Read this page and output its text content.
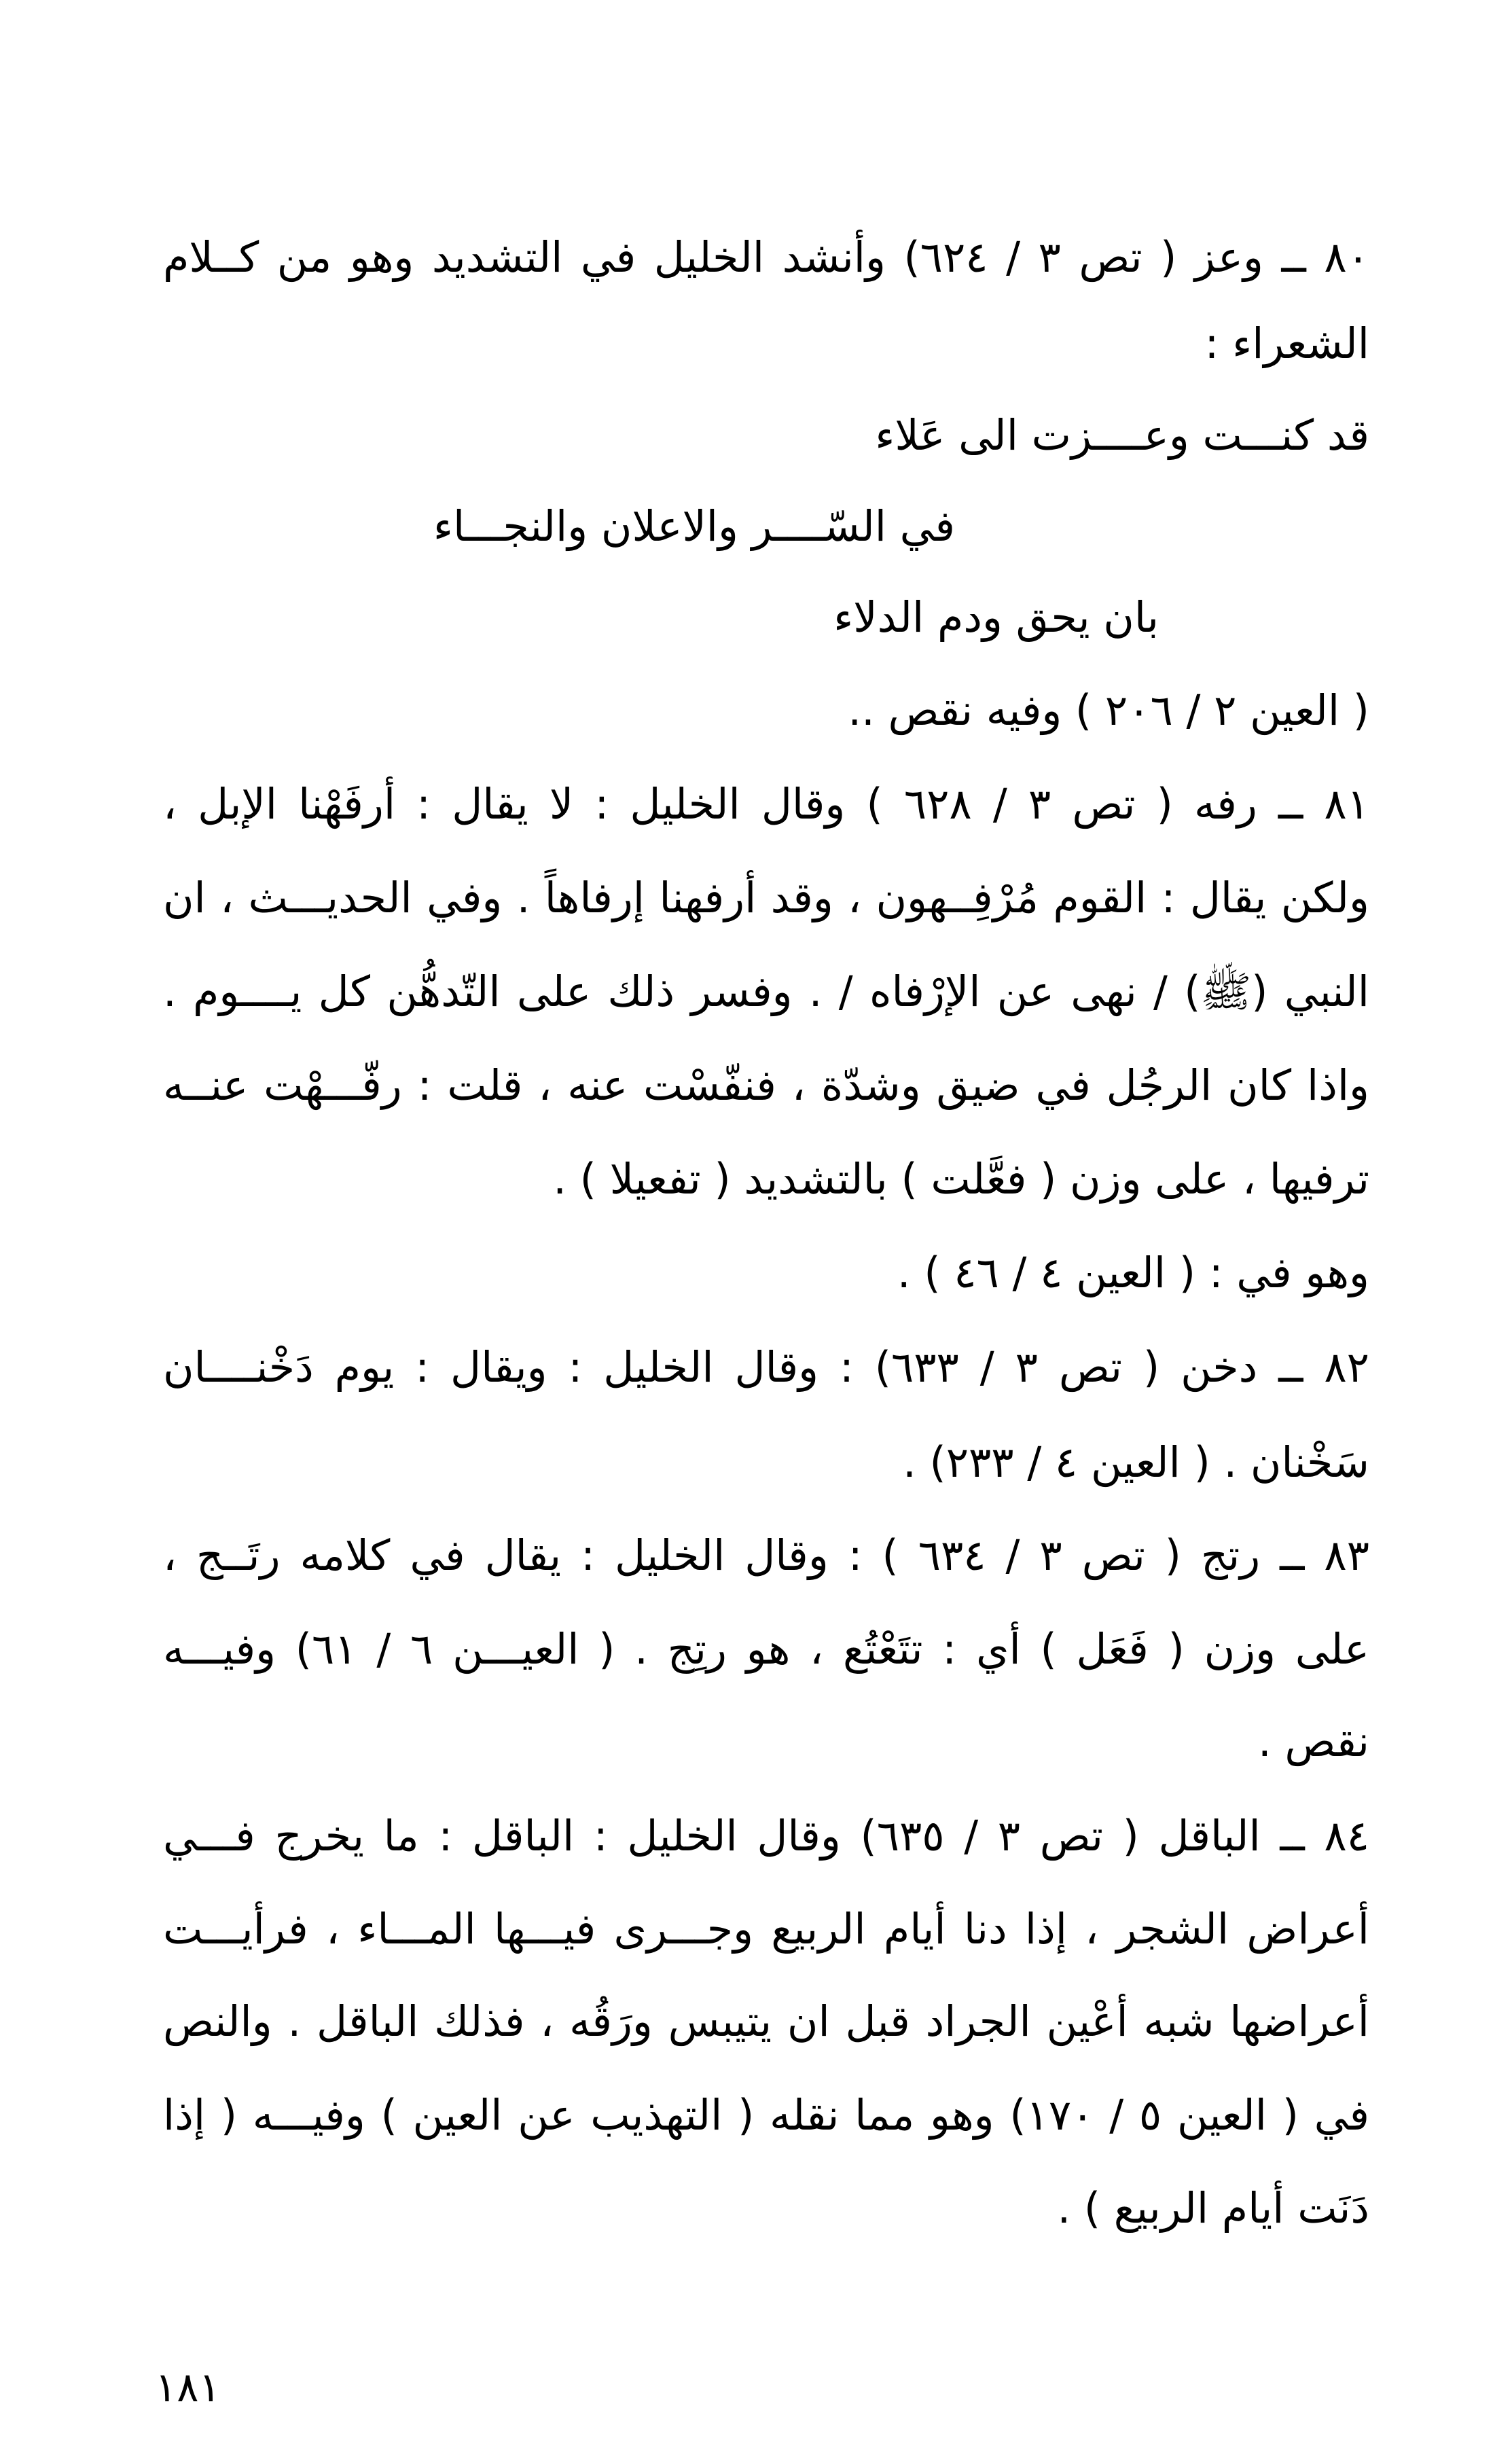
٨٠ ــ وعز ( تص ٣ / ٦٢٤) وأنشد الخليل في التشديد وهو من كــلام
الشعراء :
قد كنـــت وعــــزت الى عَلاء
في السّــــر والاعلان والنجـــاء
بان يحق ودم الدلاء
( العين ٢ / ٢٠٦ ) وفيه نقص ..
٨١ ــ رفه ( تص ٣ / ٦٢٨ ) وقال الخليل : لا يقال : أرفَهْنا الإبل ،
ولكن يقال : القوم مُرْفِــهون ، وقد أرفهنا إرفاهاً . وفي الحديـــث ، ان
النبي (ﷺ) / نهى عن الإرْفاه / . وفسر ذلك على التّدهُّن كل يــــوم .
واذا كان الرجُل في ضيق وشدّة ، فنفّسْت عنه ، قلت : رفّـــهْت عنــه
ترفيها ، على وزن ( فعَّلت ) بالتشديد ( تفعيلا ) .
وهو في : ( العين ٤ / ٤٦ ) .
٨٢ ــ دخن ( تص ٣ / ٦٣٣) : وقال الخليل : ويقال : يوم دَخْنــــان
سَخْنان . ( العين ٤ / ٢٣٣) .
٨٣ ــ رتج ( تص ٣ / ٦٣٤ ) : وقال الخليل : يقال في كلامه رتَــج ،
على وزن ( فَعَل ) أي : تتَعْتُع ، هو رتِج . ( العيـــن ٦ / ٦١) وفيـــه
نقص .
٨٤ ــ الباقل ( تص ٣ / ٦٣٥) وقال الخليل : الباقل : ما يخرج فـــي
أعراض الشجر ، إذا دنا أيام الربيع وجـــرى فيـــها المـــاء ، فرأيـــت
أعراضها شبه أعْين الجراد قبل ان يتيبس ورَقُه ، فذلك الباقل . والنص
في ( العين ٥ / ١٧٠) وهو مما نقله ( التهذيب عن العين ) وفيـــه ( إذا
دَنَت أيام الربيع ) .
١٨١
